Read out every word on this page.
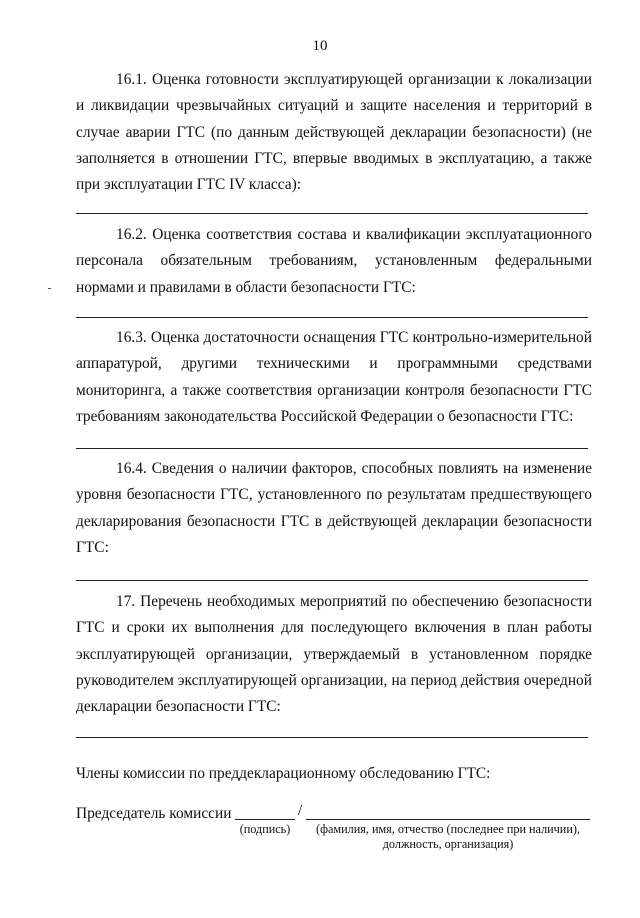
10

16.1. Оценка готовности эксплуатирующей организации к локализации и ликвидации чрезвычайных ситуаций и защите населения и территорий в случае аварии ГТС (по данным действующей декларации безопасности) (не заполняется в отношении ГТС, впервые вводимых в эксплуатацию, а также при эксплуатации ГТС IV класса):

16.2. Оценка соответствия состава и квалификации эксплуатационного персонала обязательным требованиям, установленным федеральными нормами и правилами в области безопасности ГТС:

16.3. Оценка достаточности оснащения ГТС контрольно-измерительной аппаратурой, другими техническими и программными средствами мониторинга, а также соответствия организации контроля безопасности ГТС требованиям законодательства Российской Федерации о безопасности ГТС:

16.4. Сведения о наличии факторов, способных повлиять на изменение уровня безопасности ГТС, установленного по результатам предшествующего декларирования безопасности ГТС в действующей декларации безопасности ГТС:

17. Перечень необходимых мероприятий по обеспечению безопасности ГТС и сроки их выполнения для последующего включения в план работы эксплуатирующей организации, утверждаемый в установленном порядке руководителем эксплуатирующей организации, на период действия очередной декларации безопасности ГТС:

Члены комиссии по преддекларационному обследованию ГТС:

Председатель комиссии	/
(подпись)	(фамилия, имя, отчество (последнее при наличии),
должность, организация)
